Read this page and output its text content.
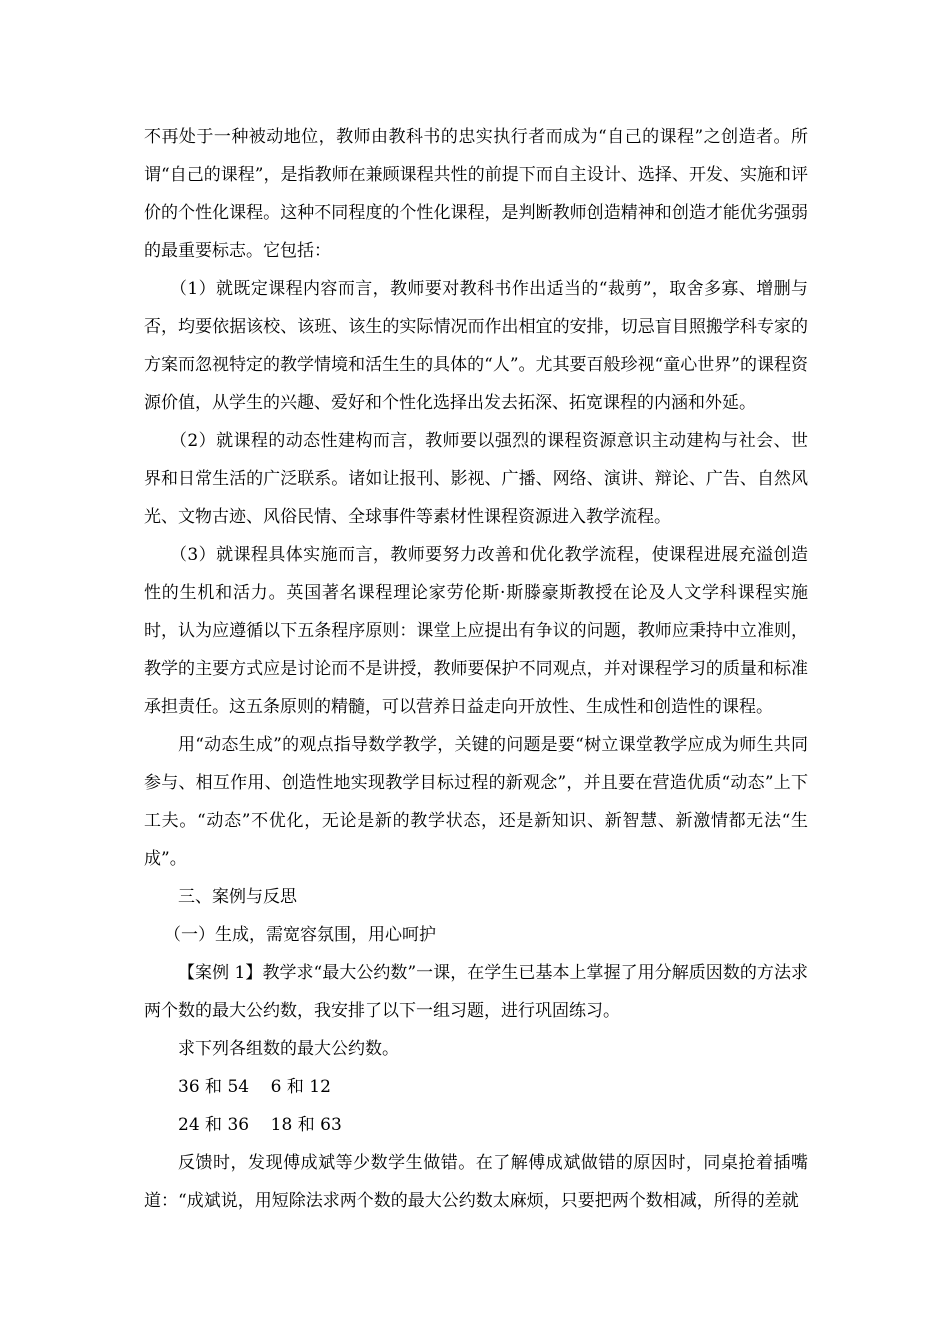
不再处于一种被动地位，教师由教科书的忠实执行者而成为“自己的课程”之创造者。所谓“自己的课程”，是指教师在兼顾课程共性的前提下而自主设计、选择、开发、实施和评价的个性化课程。这种不同程度的个性化课程，是判断教师创造精神和创造才能优劣强弱的最重要标志。它包括：

（1）就既定课程内容而言，教师要对教科书作出适当的“裁剪”，取舍多寡、增删与否，均要依据该校、该班、该生的实际情况而作出相宜的安排，切忌盲目照搬学科专家的方案而忽视特定的教学情境和活生生的具体的“人”。尤其要百般珍视“童心世界”的课程资源价值，从学生的兴趣、爱好和个性化选择出发去拓深、拓宽课程的内涵和外延。

（2）就课程的动态性建构而言，教师要以强烈的课程资源意识主动建构与社会、世界和日常生活的广泛联系。诸如让报刊、影视、广播、网络、演讲、辩论、广告、自然风光、文物古迹、风俗民情、全球事件等素材性课程资源进入教学流程。

（3）就课程具体实施而言，教师要努力改善和优化教学流程，使课程进展充溢创造性的生机和活力。英国著名课程理论家劳伦斯·斯滕豪斯教授在论及人文学科课程实施时，认为应遵循以下五条程序原则：课堂上应提出有争议的问题，教师应秉持中立准则，教学的主要方式应是讨论而不是讲授，教师要保护不同观点，并对课程学习的质量和标准承担责任。这五条原则的精髓，可以营养日益走向开放性、生成性和创造性的课程。

用“动态生成”的观点指导数学教学，关键的问题是要“树立课堂教学应成为师生共同参与、相互作用、创造性地实现教学目标过程的新观念”，并且要在营造优质“动态”上下工夫。“动态”不优化，无论是新的教学状态，还是新知识、新智慧、新激情都无法“生成”。

三、案例与反思

（一）生成，需宽容氛围，用心呵护

【案例 1】教学求“最大公约数”一课，在学生已基本上掌握了用分解质因数的方法求两个数的最大公约数，我安排了以下一组习题，进行巩固练习。

求下列各组数的最大公约数。

36 和 54    6 和 12

24 和 36    18 和 63

反馈时，发现傅成斌等少数学生做错。在了解傅成斌做错的原因时，同桌抢着插嘴道：“成斌说，用短除法求两个数的最大公约数太麻烦，只要把两个数相减，所得的差就
